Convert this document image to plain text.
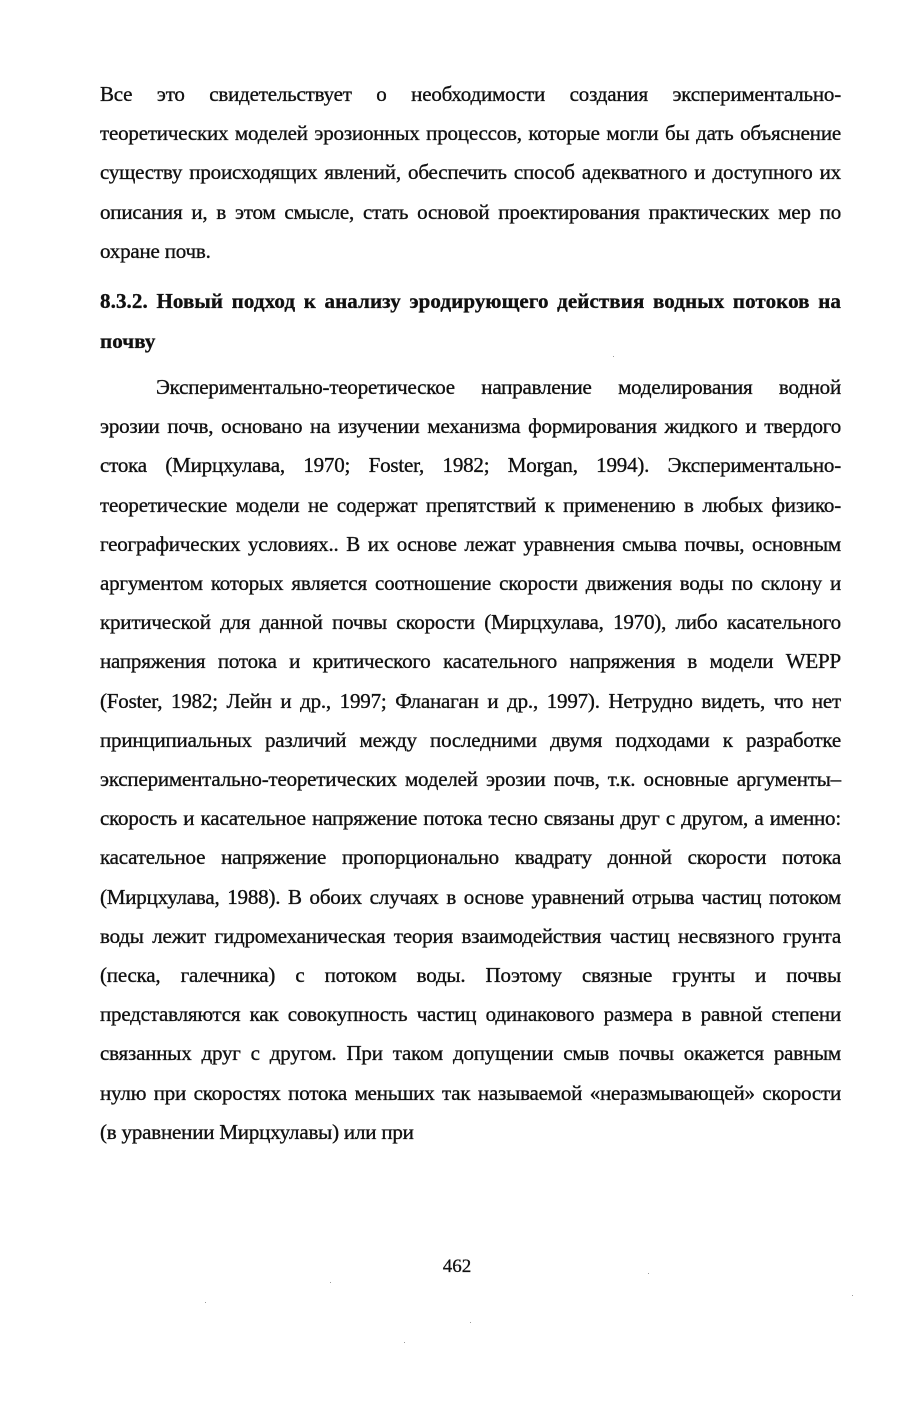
Все это свидетельствует о необходимости создания экспериментально-теоретических моделей эрозионных процессов, которые могли бы дать объяснение существу происходящих явлений, обеспечить способ адекватного и доступного их описания и, в этом смысле, стать основой проектирования практических мер по охране почв.
8.3.2. Новый подход к анализу эродирующего действия водных потоков на почву
Экспериментально-теоретическое направление моделирования водной эрозии почв, основано на изучении механизма формирования жидкого и твердого стока (Мирцхулава, 1970; Foster, 1982; Morgan, 1994). Экспериментально-теоретические модели не содержат препятствий к применению в любых физико-географических условиях.. В их основе лежат уравнения смыва почвы, основным аргументом которых является соотношение скорости движения воды по склону и критической для данной почвы скорости (Мирцхулава, 1970), либо касательного напряжения потока и критического касательного напряжения в модели WEPP (Foster, 1982; Лейн и др., 1997; Фланаган и др., 1997). Нетрудно видеть, что нет принципиальных различий между последними двумя подходами к разработке экспериментально-теоретических моделей эрозии почв, т.к. основные аргументы– скорость и касательное напряжение потока тесно связаны друг с другом, а именно: касательное напряжение пропорционально квадрату донной скорости потока (Мирцхулава, 1988). В обоих случаях в основе уравнений отрыва частиц потоком воды лежит гидромеханическая теория взаимодействия частиц несвязного грунта (песка, галечника) с потоком воды. Поэтому связные грунты и почвы представляются как совокупность частиц одинакового размера в равной степени связанных друг с другом. При таком допущении смыв почвы окажется равным нулю при скоростях потока меньших так называемой «неразмывающей» скорости (в уравнении Мирцхулавы) или при
462
